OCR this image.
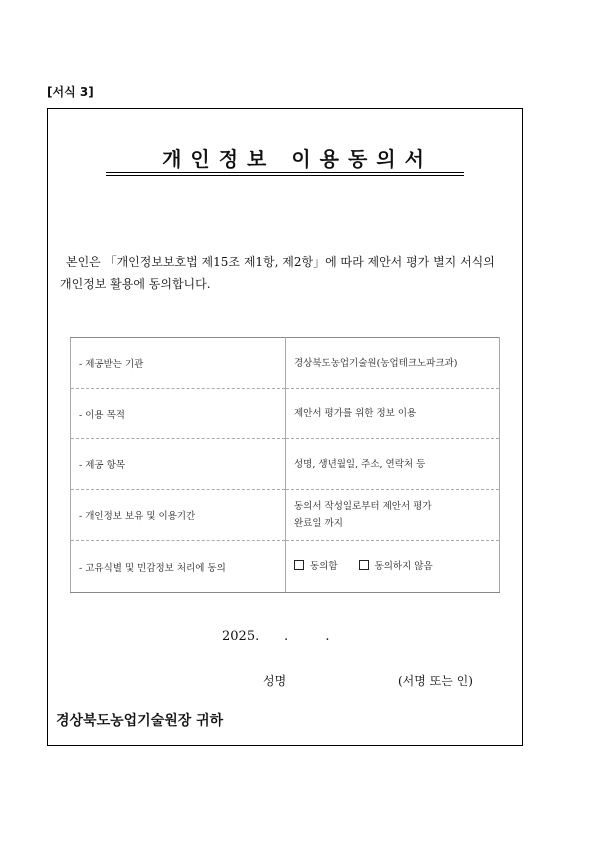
[서식 3]
개인정보 이용동의서
본인은 「개인정보보호법 제15조 제1항, 제2항」에 따라 제안서 평가 별지 서식의
개인정보 활용에 동의합니다.
- 제공받는 기관	경상북도농업기술원(농업테크노파크과)
- 이용 목적	제안서 평가를 위한 정보 이용
- 제공 항목	성명, 생년월일, 주소, 연락처 등
- 개인정보 보유 및 이용기간	동의서 작성일로부터 제안서 평가
완료일 까지
- 고유식별 및 민감정보 처리에 동의	동의함 동의하지 않음
2025.      .         .
성명	(서명 또는 인)
경상북도농업기술원장 귀하
